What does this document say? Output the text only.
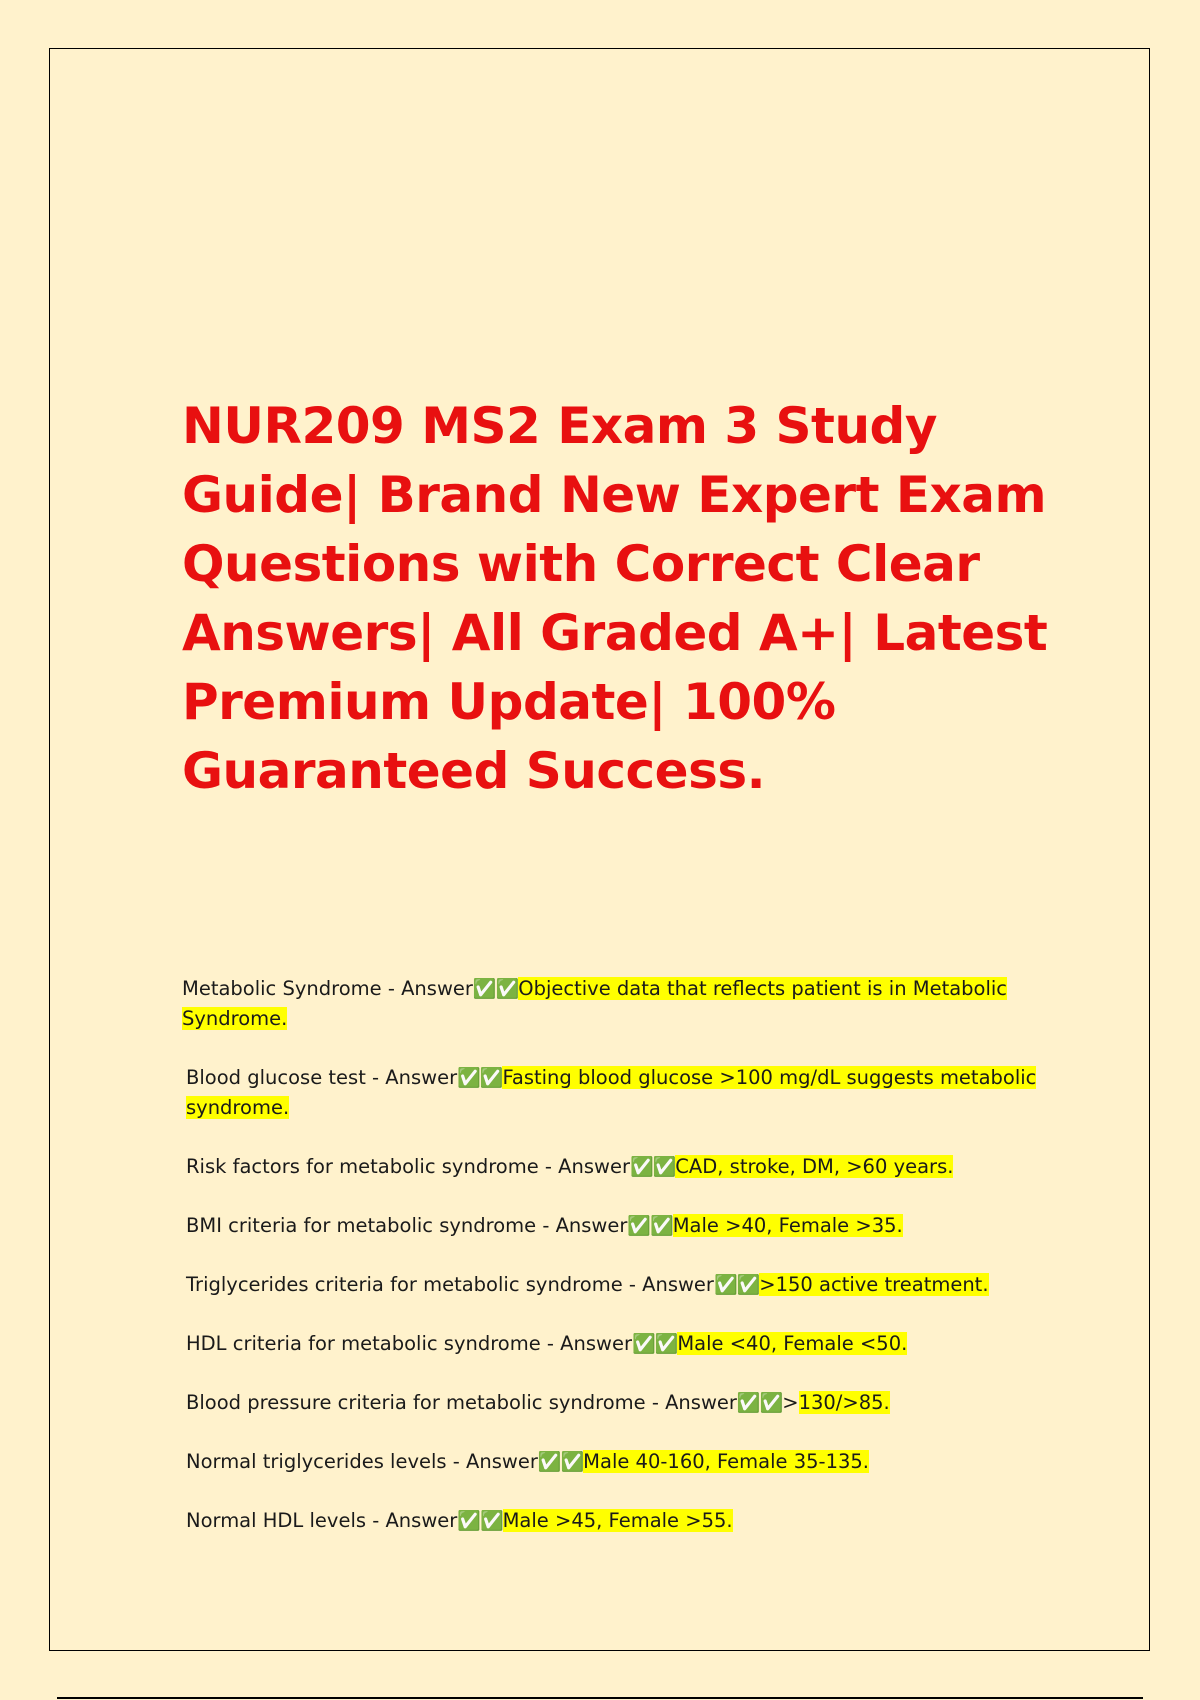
NUR209 MS2 Exam 3 Study Guide| Brand New Expert Exam Questions with Correct Clear Answers| All Graded A+| Latest Premium Update| 100% Guaranteed Success.
Metabolic Syndrome - Answer✅✅Objective data that reflects patient is in Metabolic Syndrome.
Blood glucose test - Answer✅✅Fasting blood glucose >100 mg/dL suggests metabolic syndrome.
Risk factors for metabolic syndrome - Answer✅✅CAD, stroke, DM, >60 years.
BMI criteria for metabolic syndrome - Answer✅✅Male >40, Female >35.
Triglycerides criteria for metabolic syndrome - Answer✅✅>150 active treatment.
HDL criteria for metabolic syndrome - Answer✅✅Male <40, Female <50.
Blood pressure criteria for metabolic syndrome - Answer✅✅>130/>85.
Normal triglycerides levels - Answer✅✅Male 40-160, Female 35-135.
Normal HDL levels - Answer✅✅Male >45, Female >55.
